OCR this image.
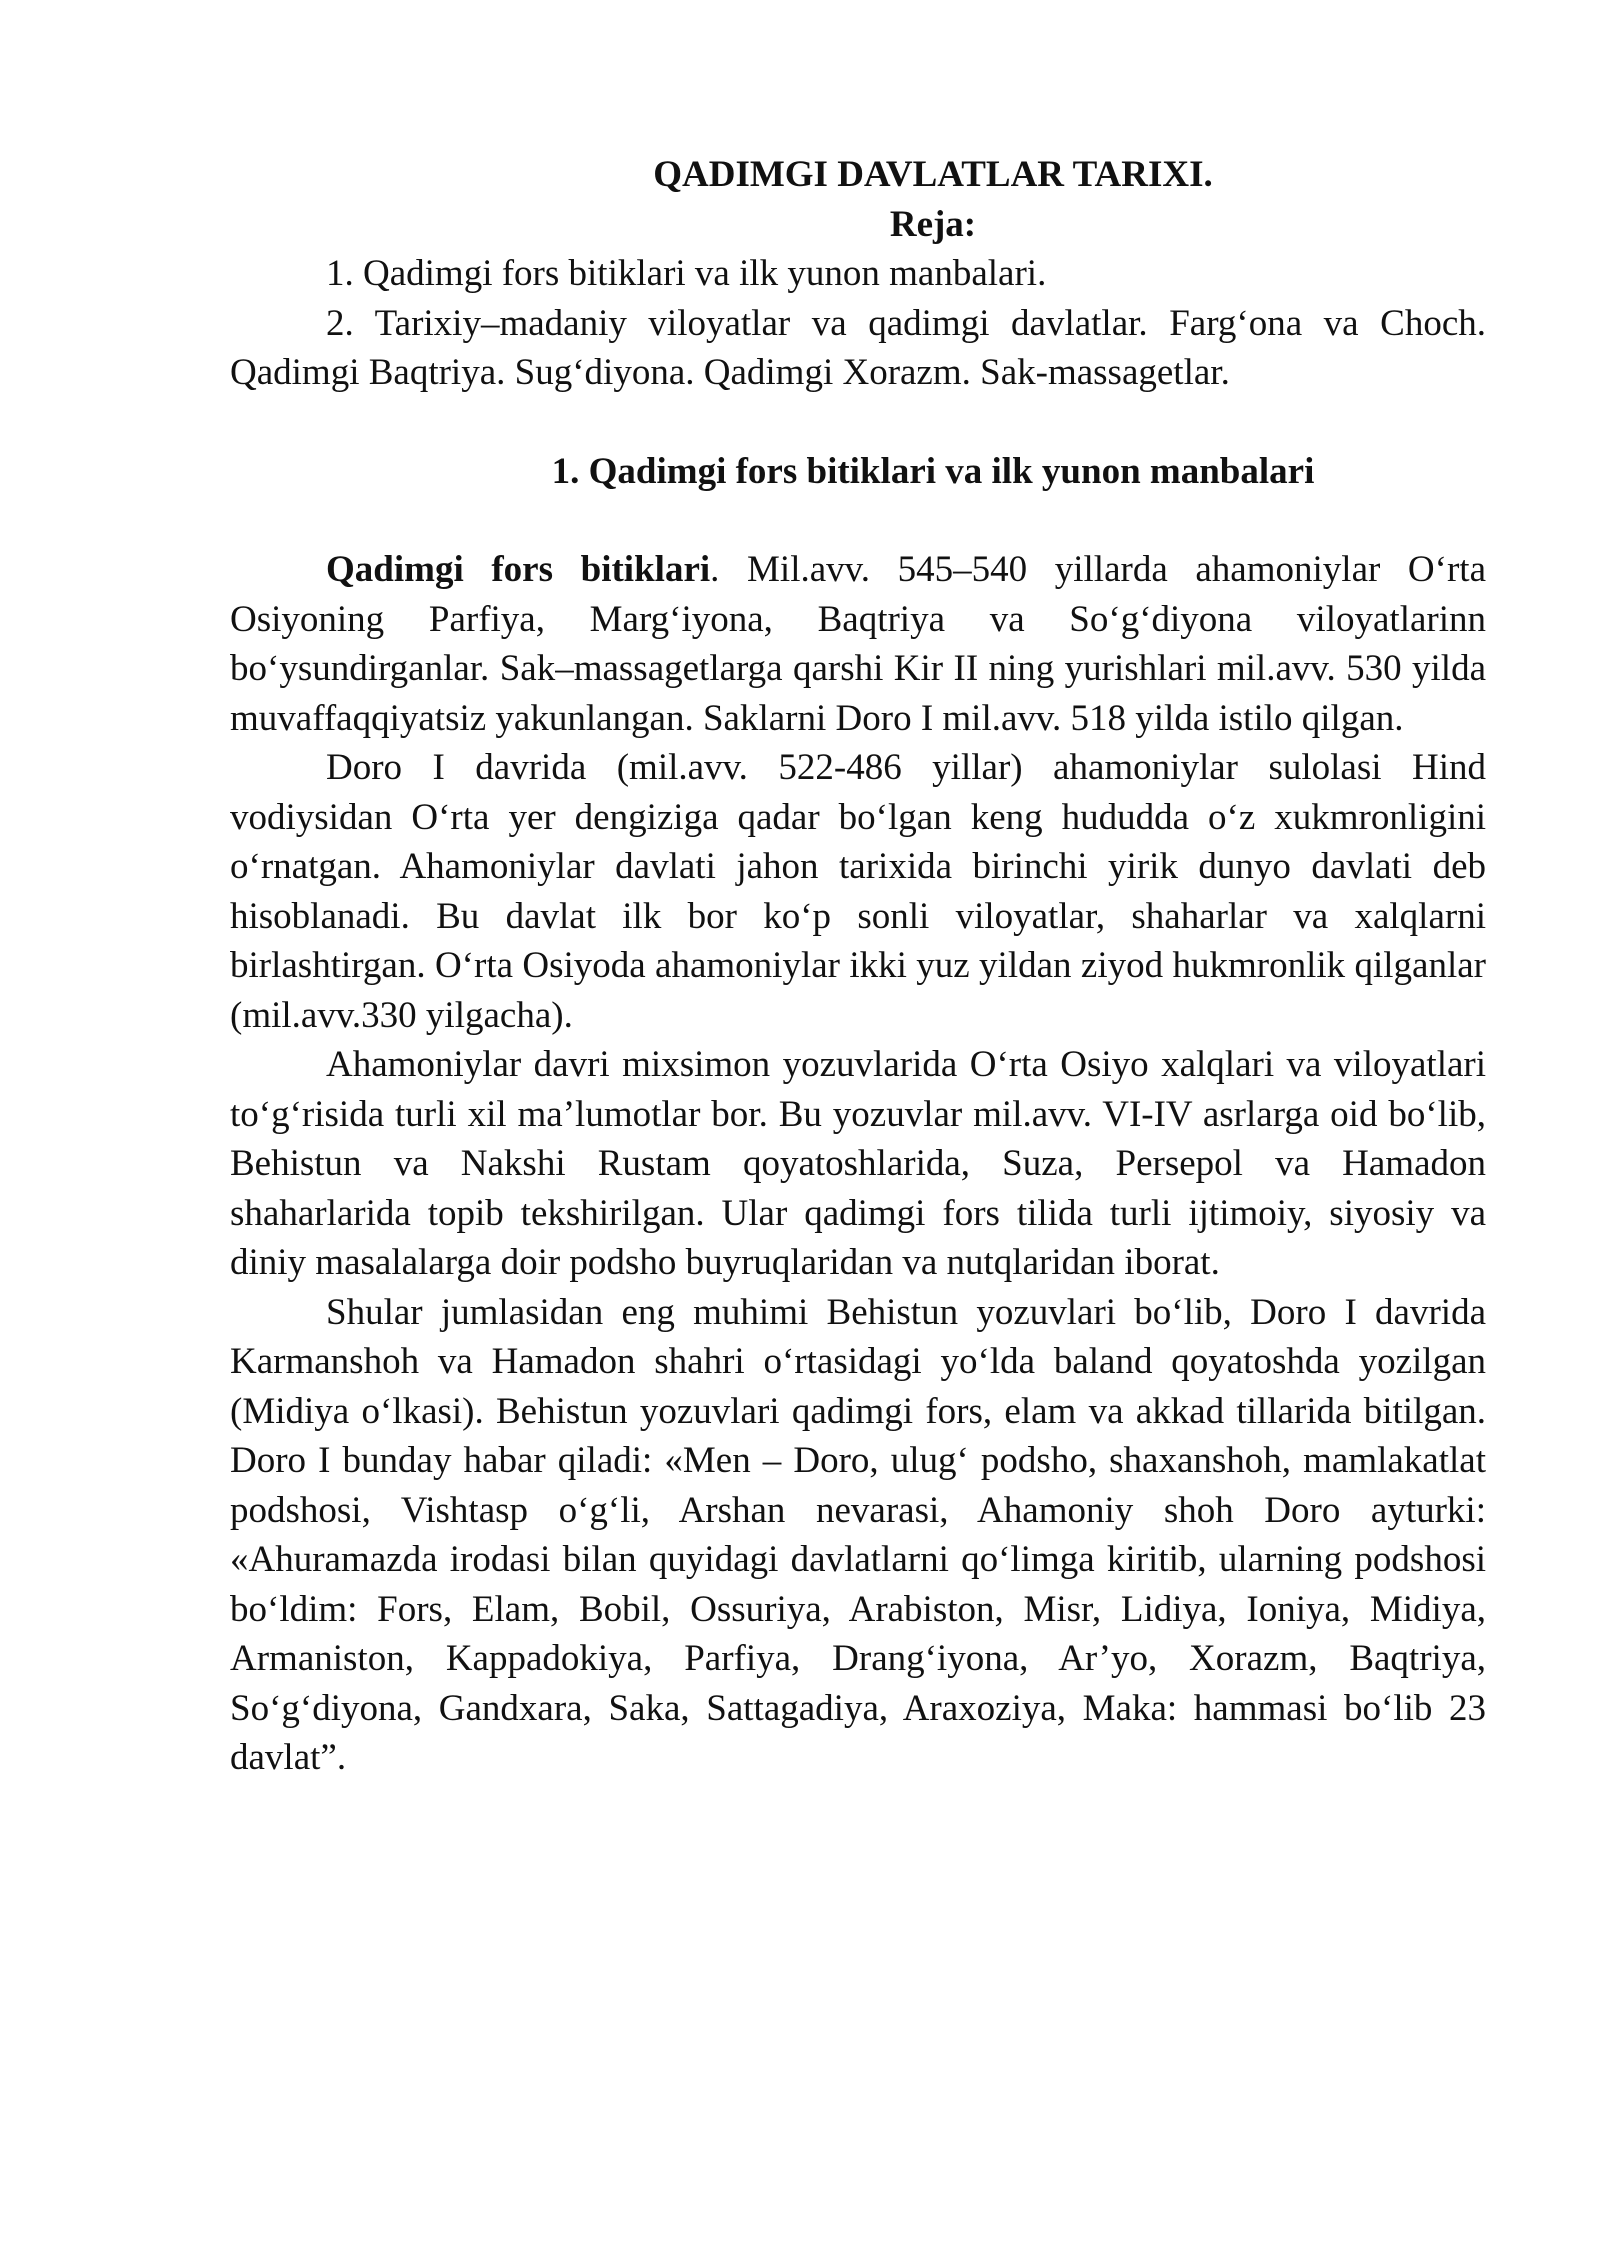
QADIMGI DAVLATLAR TARIXI.

Reja:

1. Qadimgi fors bitiklari va ilk yunon manbalari.

2. Tarixiy–madaniy viloyatlar va qadimgi davlatlar. Farg‘ona va Choch. Qadimgi Baqtriya. Sug‘diyona. Qadimgi Xorazm. Sak-massagetlar.

1. Qadimgi fors bitiklari va ilk yunon manbalari

Qadimgi fors bitiklari. Mil.avv. 545–540 yillarda ahamoniylar O‘rta Osiyoning Parfiya, Marg‘iyona, Baqtriya va So‘g‘diyona viloyatlarinn bo‘ysundirganlar. Sak–massagetlarga qarshi Kir II ning yurishlari mil.avv. 530 yilda muvaffaqqiyatsiz yakunlangan. Saklarni Doro I mil.avv. 518 yilda istilo qilgan.

Doro I davrida (mil.avv. 522-486 yillar) ahamoniylar sulolasi Hind vodiysidan O‘rta yer dengiziga qadar bo‘lgan keng hududda o‘z xukmronligini o‘rnatgan. Ahamoniylar davlati jahon tarixida birinchi yirik dunyo davlati deb hisoblanadi. Bu davlat ilk bor ko‘p sonli viloyatlar, shaharlar va xalqlarni birlashtirgan. O‘rta Osiyoda ahamoniylar ikki yuz yildan ziyod hukmronlik qilganlar (mil.avv.330 yilgacha).

Ahamoniylar davri mixsimon yozuvlarida O‘rta Osiyo xalqlari va viloyatlari to‘g‘risida turli xil ma’lumotlar bor. Bu yozuvlar mil.avv. VI-IV asrlarga oid bo‘lib, Behistun va Nakshi Rustam qoyatoshlarida, Suza, Persepol va Hamadon shaharlarida topib tekshirilgan. Ular qadimgi fors tilida turli ijtimoiy, siyosiy va diniy masalalarga doir podsho buyruqlaridan va nutqlaridan iborat.

Shular jumlasidan eng muhimi Behistun yozuvlari bo‘lib, Doro I davrida Karmanshoh va Hamadon shahri o‘rtasidagi yo‘lda baland qoyatoshda yozilgan (Midiya o‘lkasi). Behistun yozuvlari qadimgi fors, elam va akkad tillarida bitilgan. Doro I bunday habar qiladi: «Men – Doro, ulug‘ podsho, shaxanshoh, mamlakatlat podshosi, Vishtasp o‘g‘li, Arshan nevarasi, Ahamoniy shoh Doro ayturki: «Ahuramazda irodasi bilan quyidagi davlatlarni qo‘limga kiritib, ularning podshosi bo‘ldim: Fors, Elam, Bobil, Ossuriya, Arabiston, Misr, Lidiya, Ioniya, Midiya, Armaniston, Kappadokiya, Parfiya, Drang‘iyona, Ar’yo, Xorazm, Baqtriya, So‘g‘diyona, Gandxara, Saka, Sattagadiya, Araxoziya, Maka: hammasi bo‘lib 23 davlat”.
